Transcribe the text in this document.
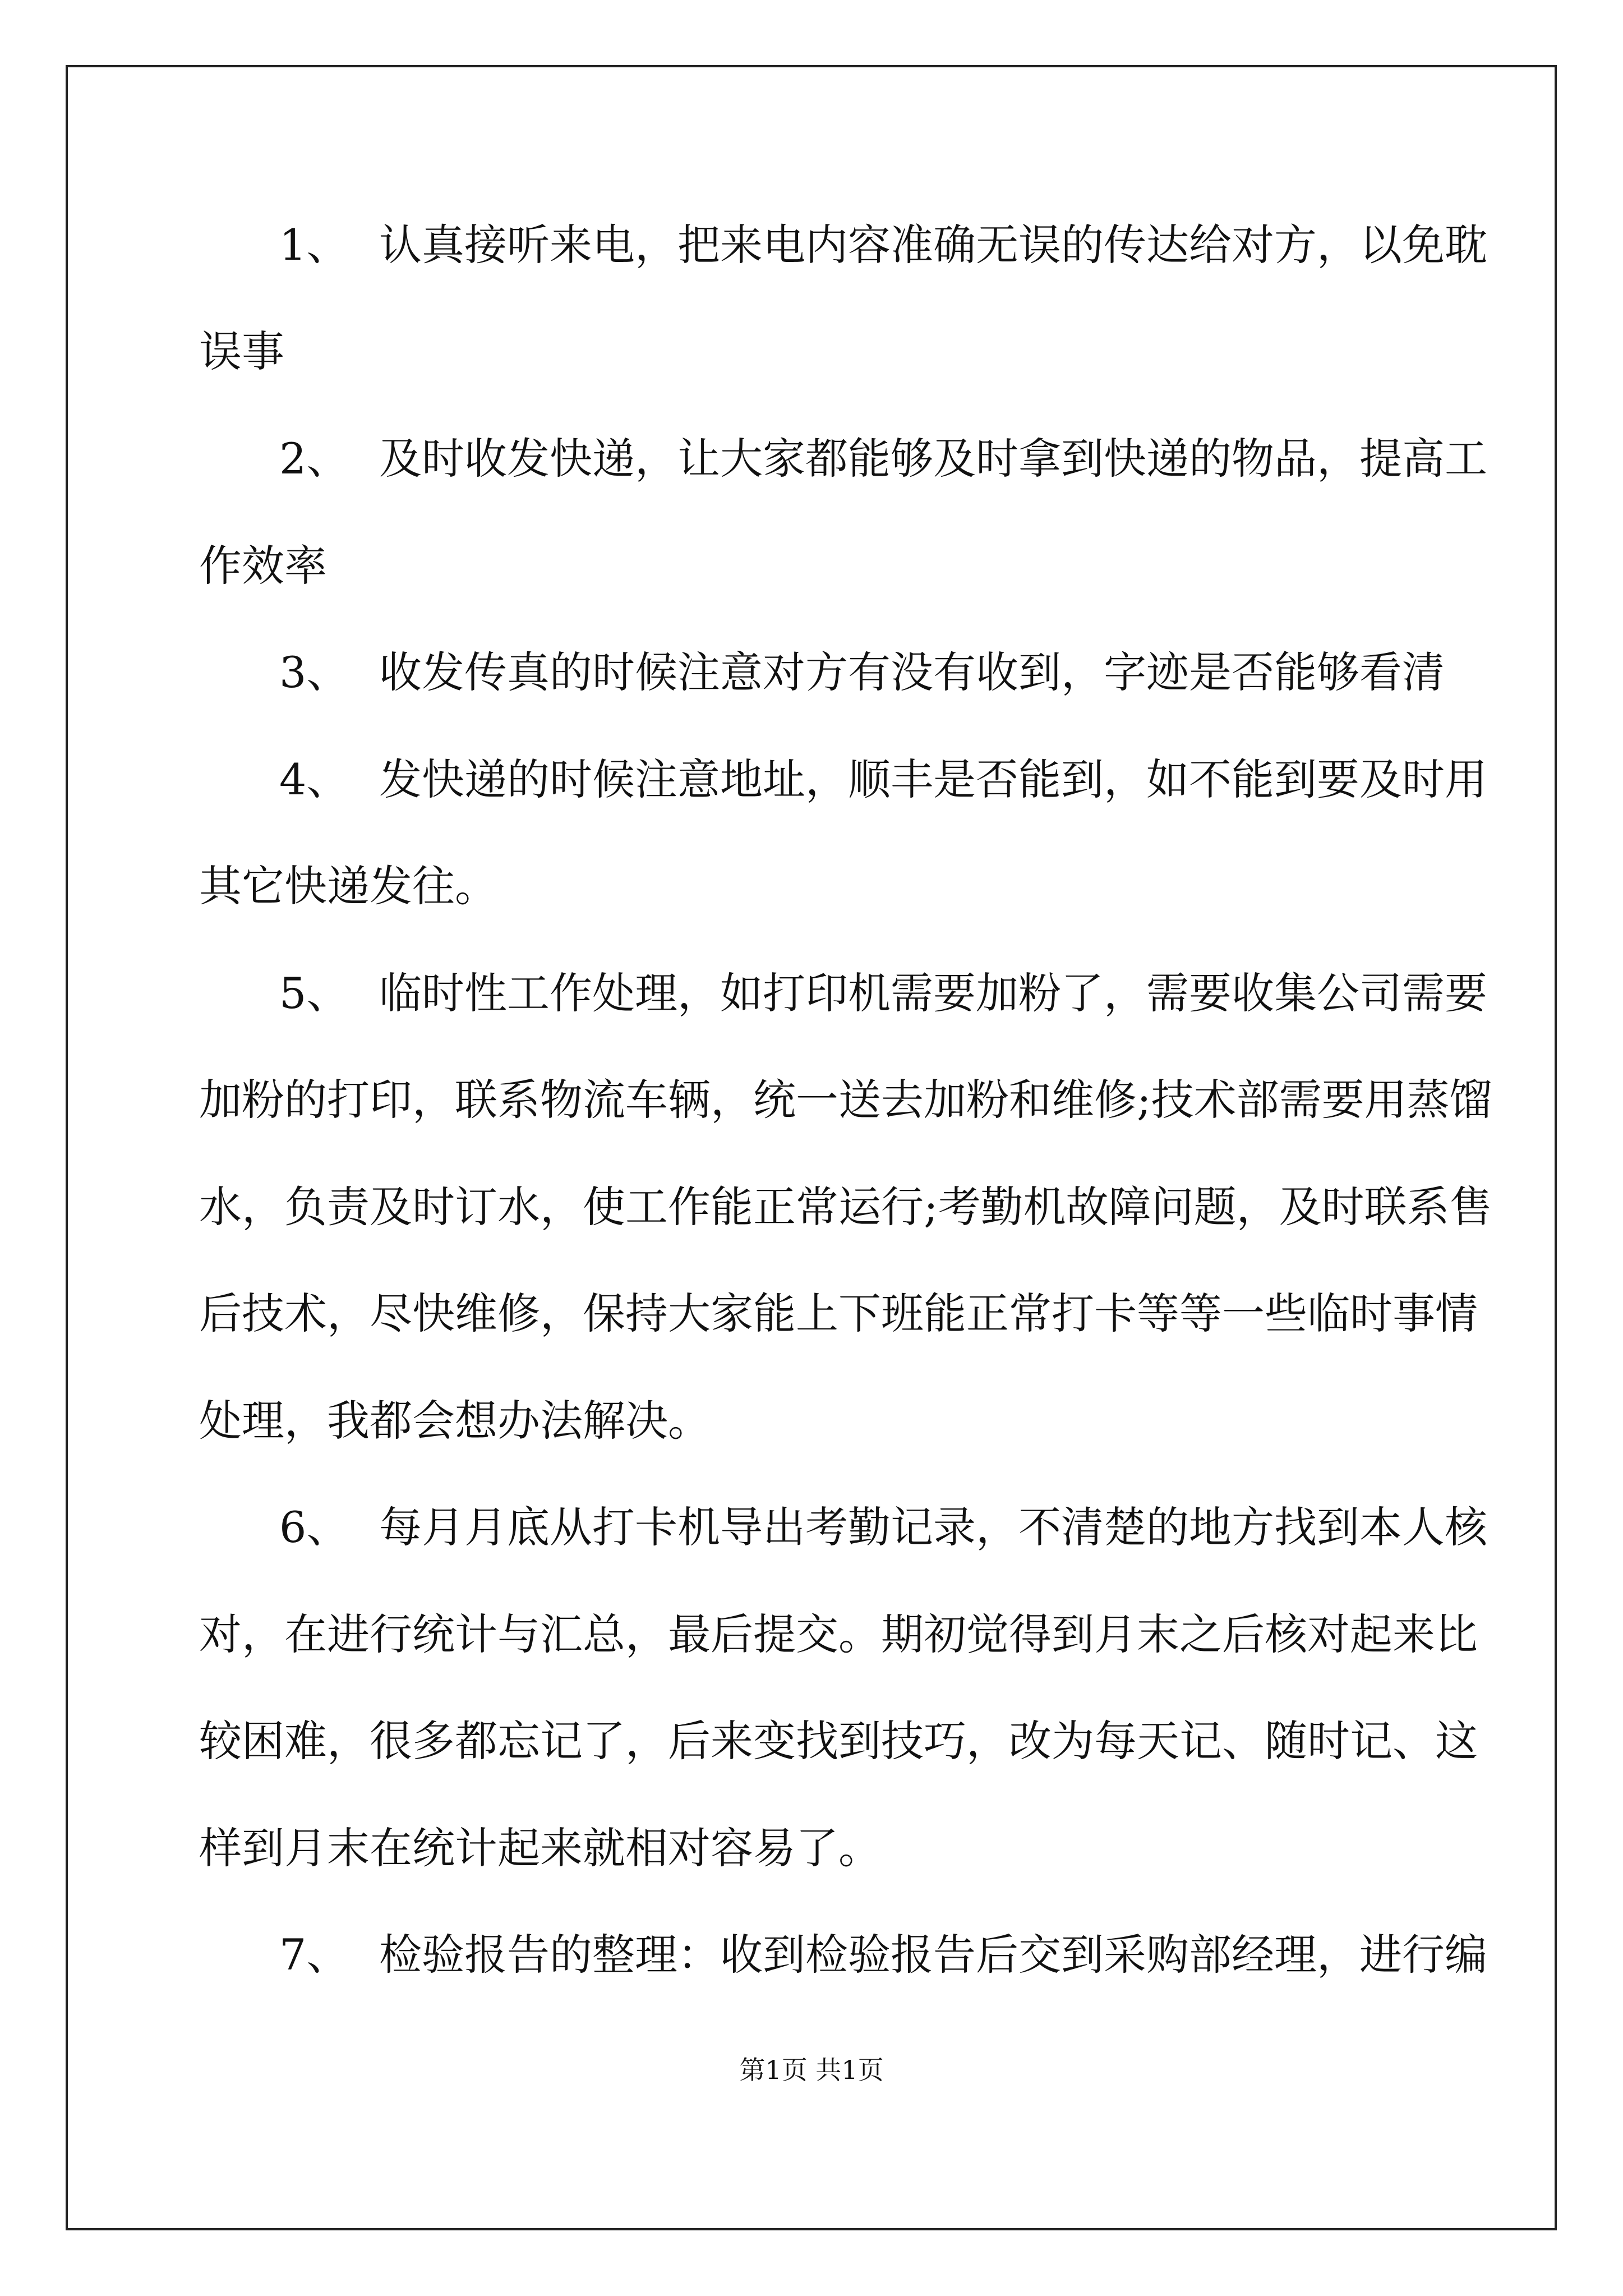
1、 认真接听来电，把来电内容准确无误的传达给对方，以免耽
误事
2、 及时收发快递，让大家都能够及时拿到快递的物品，提高工
作效率
3、 收发传真的时候注意对方有没有收到，字迹是否能够看清
4、 发快递的时候注意地址，顺丰是否能到，如不能到要及时用
其它快递发往。
5、 临时性工作处理，如打印机需要加粉了，需要收集公司需要
加粉的打印，联系物流车辆，统一送去加粉和维修;技术部需要用蒸馏
水，负责及时订水，使工作能正常运行;考勤机故障问题，及时联系售
后技术，尽快维修，保持大家能上下班能正常打卡等等一些临时事情
处理，我都会想办法解决。
6、 每月月底从打卡机导出考勤记录，不清楚的地方找到本人核
对，在进行统计与汇总，最后提交。期初觉得到月末之后核对起来比
较困难，很多都忘记了，后来变找到技巧，改为每天记、随时记、这
样到月末在统计起来就相对容易了。
7、 检验报告的整理：收到检验报告后交到采购部经理，进行编
第1页 共1页
